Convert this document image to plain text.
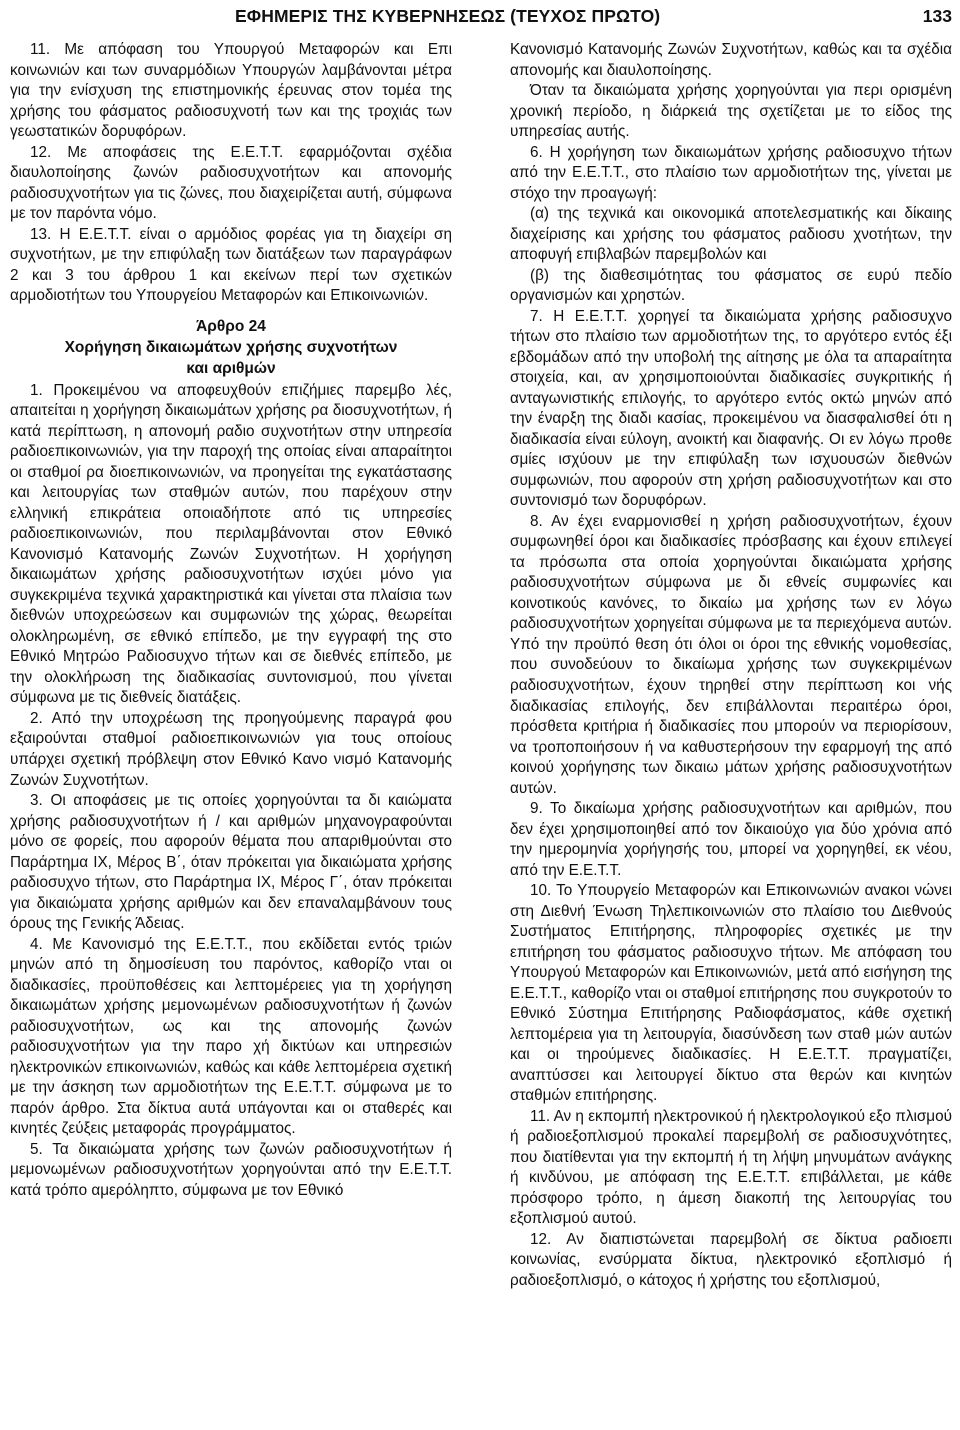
ΕΦΗΜΕΡΙΣ ΤΗΣ ΚΥΒΕΡΝΗΣΕΩΣ (ΤΕΥΧΟΣ ΠΡΩΤΟ)	133

11. Με απόφαση του Υπουργού Μεταφορών και Επι κοινωνιών και των συναρμόδιων Υπουργών λαμβάνονται μέτρα για την ενίσχυση της επιστημονικής έρευνας στον τομέα της χρήσης του φάσματος ραδιοσυχνοτή των και της τροχιάς των γεωστατικών δορυφόρων.

12. Με αποφάσεις της Ε.Ε.Τ.Τ. εφαρμόζονται σχέδια διαυλοποίησης ζωνών ραδιοσυχνοτήτων και απονομής ραδιοσυχνοτήτων για τις ζώνες, που διαχειρίζεται αυτή, σύμφωνα με τον παρόντα νόμο.

13. Η Ε.Ε.Τ.Τ. είναι ο αρμόδιος φορέας για τη διαχείρι ση συχνοτήτων, με την επιφύλαξη των διατάξεων των παραγράφων 2 και 3 του άρθρου 1 και εκείνων περί των σχετικών αρμοδιοτήτων του Υπουργείου Μεταφορών και Επικοινωνιών.

Άρθρο 24
Χορήγηση δικαιωμάτων χρήσης συχνοτήτων
και αριθμών

1. Προκειμένου να αποφευχθούν επιζήμιες παρεμβο λές, απαιτείται η χορήγηση δικαιωμάτων χρήσης ρα διοσυχνοτήτων, ή κατά περίπτωση, η απονομή ραδιο συχνοτήτων στην υπηρεσία ραδιοεπικοινωνιών, για την παροχή της οποίας είναι απαραίτητοι οι σταθμοί ρα διοεπικοινωνιών, να προηγείται της εγκατάστασης και λειτουργίας των σταθμών αυτών, που παρέχουν στην ελληνική επικράτεια οποιαδήποτε από τις υπηρεσίες ραδιοεπικοινωνιών, που περιλαμβάνονται στον Εθνικό Κανονισμό Κατανομής Ζωνών Συχνοτήτων. Η χορήγηση δικαιωμάτων χρήσης ραδιοσυχνοτήτων ισχύει μόνο για συγκεκριμένα τεχνικά χαρακτηριστικά και γίνεται στα πλαίσια των διεθνών υποχρεώσεων και συμφωνιών της χώρας, θεωρείται ολοκληρωμένη, σε εθνικό επίπεδο, με την εγγραφή της στο Εθνικό Μητρώο Ραδιοσυχνο τήτων και σε διεθνές επίπεδο, με την ολοκλήρωση της διαδικασίας συντονισμού, που γίνεται σύμφωνα με τις διεθνείς διατάξεις.

2. Από την υποχρέωση της προηγούμενης παραγρά φου εξαιρούνται σταθμοί ραδιοεπικοινωνιών για τους οποίους υπάρχει σχετική πρόβλεψη στον Εθνικό Κανο νισμό Κατανομής Ζωνών Συχνοτήτων.

3. Οι αποφάσεις με τις οποίες χορηγούνται τα δι καιώματα χρήσης ραδιοσυχνοτήτων ή / και αριθμών μηχανογραφούνται μόνο σε φορείς, που αφορούν θέματα που απαριθμούνται στο Παράρτημα ΙΧ, Μέρος Β΄, όταν πρόκειται για δικαιώματα χρήσης ραδιοσυχνο τήτων, στο Παράρτημα ΙΧ, Μέρος Γ΄, όταν πρόκειται για δικαιώματα χρήσης αριθμών και δεν επαναλαμβάνουν τους όρους της Γενικής Άδειας.

4. Με Κανονισμό της Ε.Ε.Τ.Τ., που εκδίδεται εντός τριών μηνών από τη δημοσίευση του παρόντος, καθορίζο νται οι διαδικασίες, προϋποθέσεις και λεπτομέρειες για τη χορήγηση δικαιωμάτων χρήσης μεμονωμένων ραδιοσυχνοτήτων ή ζωνών ραδιοσυχνοτήτων, ως και της απονομής ζωνών ραδιοσυχνοτήτων για την παρο χή δικτύων και υπηρεσιών ηλεκτρονικών επικοινωνιών, καθώς και κάθε λεπτομέρεια σχετική με την άσκηση των αρμοδιοτήτων της Ε.Ε.Τ.Τ. σύμφωνα με το παρόν άρθρο. Στα δίκτυα αυτά υπάγονται και οι σταθερές και κινητές ζεύξεις μεταφοράς προγράμματος.

5. Τα δικαιώματα χρήσης των ζωνών ραδιοσυχνοτήτων ή μεμονωμένων ραδιοσυχνοτήτων χορηγούνται από την Ε.Ε.Τ.Τ. κατά τρόπο αμερόληπτο, σύμφωνα με τον Εθνικό

Κανονισμό Κατανομής Ζωνών Συχνοτήτων, καθώς και τα σχέδια απονομής και διαυλοποίησης.

Όταν τα δικαιώματα χρήσης χορηγούνται για περι ορισμένη χρονική περίοδο, η διάρκειά της σχετίζεται με το είδος της υπηρεσίας αυτής.

6. Η χορήγηση των δικαιωμάτων χρήσης ραδιοσυχνο τήτων από την Ε.Ε.Τ.Τ., στο πλαίσιο των αρμοδιοτήτων της, γίνεται με στόχο την προαγωγή:

(α) της τεχνικά και οικονομικά αποτελεσματικής και δίκαιης διαχείρισης και χρήσης του φάσματος ραδιοσυ χνοτήτων, την αποφυγή επιβλαβών παρεμβολών και

(β) της διαθεσιμότητας του φάσματος σε ευρύ πεδίο οργανισμών και χρηστών.

7. Η Ε.Ε.Τ.Τ. χορηγεί τα δικαιώματα χρήσης ραδιοσυχνο τήτων στο πλαίσιο των αρμοδιοτήτων της, το αργότερο εντός έξι εβδομάδων από την υποβολή της αίτησης με όλα τα απαραίτητα στοιχεία, και, αν χρησιμοποιούνται διαδικασίες συγκριτικής ή ανταγωνιστικής επιλογής, το αργότερο εντός οκτώ μηνών από την έναρξη της διαδι κασίας, προκειμένου να διασφαλισθεί ότι η διαδικασία είναι εύλογη, ανοικτή και διαφανής. Οι εν λόγω προθε σμίες ισχύουν με την επιφύλαξη των ισχυουσών διεθνών συμφωνιών, που αφορούν στη χρήση ραδιοσυχνοτήτων και στο συντονισμό των δορυφόρων.

8. Αν έχει εναρμονισθεί η χρήση ραδιοσυχνοτήτων, έχουν συμφωνηθεί όροι και διαδικασίες πρόσβασης και έχουν επιλεγεί τα πρόσωπα στα οποία χορηγούνται δικαιώματα χρήσης ραδιοσυχνοτήτων σύμφωνα με δι εθνείς συμφωνίες και κοινοτικούς κανόνες, το δικαίω μα χρήσης των εν λόγω ραδιοσυχνοτήτων χορηγείται σύμφωνα με τα περιεχόμενα αυτών. Υπό την προϋπό θεση ότι όλοι οι όροι της εθνικής νομοθεσίας, που συνοδεύουν το δικαίωμα χρήσης των συγκεκριμένων ραδιοσυχνοτήτων, έχουν τηρηθεί στην περίπτωση κοι νής διαδικασίας επιλογής, δεν επιβάλλονται περαιτέρω όροι, πρόσθετα κριτήρια ή διαδικασίες που μπορούν να περιορίσουν, να τροποποιήσουν ή να καθυστερήσουν την εφαρμογή της από κοινού χορήγησης των δικαιω μάτων χρήσης ραδιοσυχνοτήτων αυτών.

9. Το δικαίωμα χρήσης ραδιοσυχνοτήτων και αριθμών, που δεν έχει χρησιμοποιηθεί από τον δικαιούχο για δύο χρόνια από την ημερομηνία χορήγησής του, μπορεί να χορηγηθεί, εκ νέου, από την Ε.Ε.Τ.Τ.

10. Το Υπουργείο Μεταφορών και Επικοινωνιών ανακοι νώνει στη Διεθνή Ένωση Τηλεπικοινωνιών στο πλαίσιο του Διεθνούς Συστήματος Επιτήρησης, πληροφορίες σχετικές με την επιτήρηση του φάσματος ραδιοσυχνο τήτων. Με απόφαση του Υπουργού Μεταφορών και Επικοινωνιών, μετά από εισήγηση της Ε.Ε.Τ.Τ., καθορίζο νται οι σταθμοί επιτήρησης που συγκροτούν το Εθνικό Σύστημα Επιτήρησης Ραδιοφάσματος, κάθε σχετική λεπτομέρεια για τη λειτουργία, διασύνδεση των σταθ μών αυτών και οι τηρούμενες διαδικασίες. Η Ε.Ε.Τ.Τ. πραγματίζει, αναπτύσσει και λειτουργεί δίκτυο στα θερών και κινητών σταθμών επιτήρησης.

11. Αν η εκπομπή ηλεκτρονικού ή ηλεκτρολογικού εξο πλισμού ή ραδιοεξοπλισμού προκαλεί παρεμβολή σε ραδιοσυχνότητες, που διατίθενται για την εκπομπή ή τη λήψη μηνυμάτων ανάγκης ή κινδύνου, με απόφαση της Ε.Ε.Τ.Τ. επιβάλλεται, με κάθε πρόσφορο τρόπο, η άμεση διακοπή της λειτουργίας του εξοπλισμού αυτού.

12. Αν διαπιστώνεται παρεμβολή σε δίκτυα ραδιοεπι κοινωνίας, ενσύρματα δίκτυα, ηλεκτρονικό εξοπλισμό ή ραδιοεξοπλισμό, ο κάτοχος ή χρήστης του εξοπλισμού,
